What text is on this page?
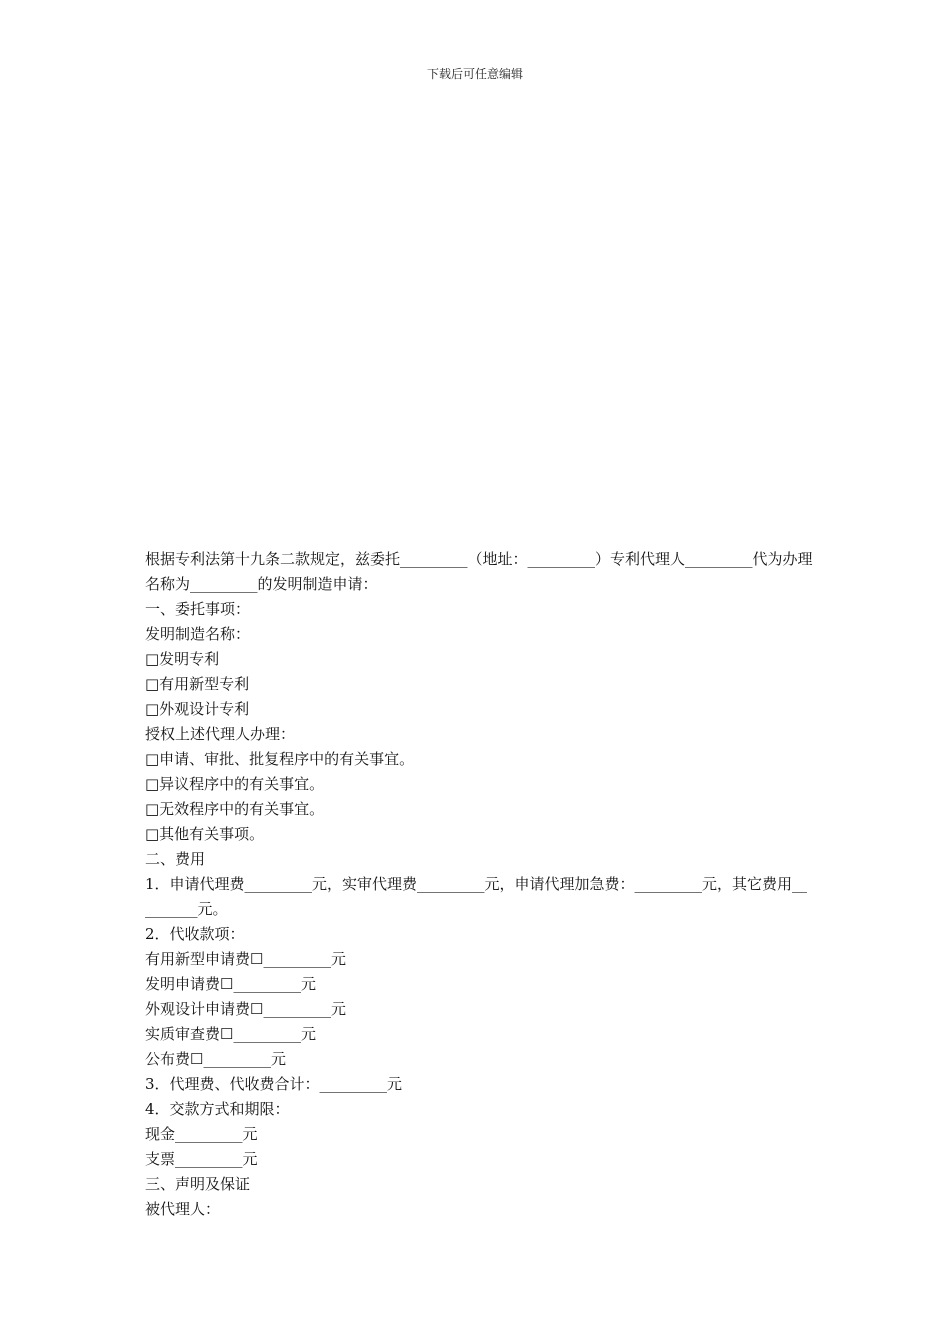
下载后可任意编辑

根据专利法第十九条二款规定，兹委托_________（地址：_________）专利代理人_________代为办理名称为_________的发明制造申请：

一、委托事项：

发明制造名称：

□发明专利

□有用新型专利

□外观设计专利

授权上述代理人办理：

□申请、审批、批复程序中的有关事宜。

□异议程序中的有关事宜。

□无效程序中的有关事宜。

□其他有关事项。

二、费用

1．申请代理费_________元，实审代理费_________元，申请代理加急费：_________元，其它费用_________元。

2．代收款项：

有用新型申请费☐_________元

发明申请费☐_________元

外观设计申请费☐_________元

实质审查费☐_________元

公布费☐_________元

3．代理费、代收费合计：_________元

4．交款方式和期限：

现金_________元

支票_________元

三、声明及保证

被代理人：
